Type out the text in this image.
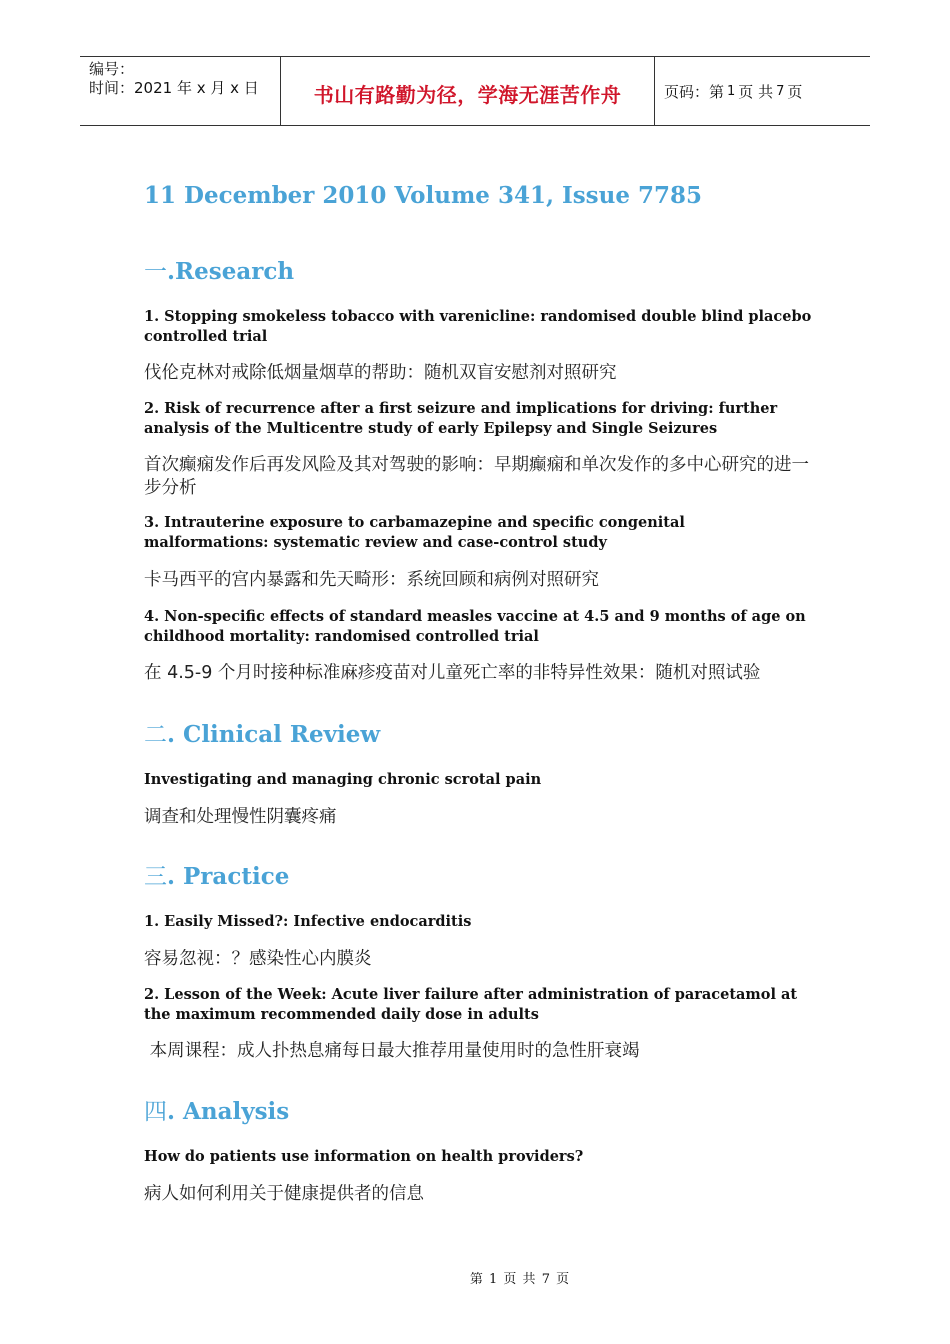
编号：
时间：2021 年 x 月 x 日	书山有路勤为径，学海无涯苦作舟	页码：第 1 页 共 7 页
11 December 2010 Volume 341, Issue 7785
一.Research

1. Stopping smokeless tobacco with varenicline: randomised double blind placebo controlled trial

伐伦克林对戒除低烟量烟草的帮助：随机双盲安慰剂对照研究

2. Risk of recurrence after a first seizure and implications for driving: further analysis of the Multicentre study of early Epilepsy and Single Seizures

首次癫痫发作后再发风险及其对驾驶的影响：早期癫痫和单次发作的多中心研究的进一步分析

3. Intrauterine exposure to carbamazepine and specific congenital malformations: systematic review and case-control study

卡马西平的宫内暴露和先天畸形：系统回顾和病例对照研究

4. Non-specific effects of standard measles vaccine at 4.5 and 9 months of age on childhood mortality: randomised controlled trial

在 4.5-9 个月时接种标准麻疹疫苗对儿童死亡率的非特异性效果：随机对照试验

二. Clinical Review

Investigating and managing chronic scrotal pain

调查和处理慢性阴囊疼痛

三. Practice

1. Easily Missed?: Infective endocarditis

容易忽视：？感染性心内膜炎

2. Lesson of the Week: Acute liver failure after administration of paracetamol at the maximum recommended daily dose in adults

本周课程：成人扑热息痛每日最大推荐用量使用时的急性肝衰竭

四. Analysis

How do patients use information on health providers?

病人如何利用关于健康提供者的信息

第 1 页 共 7 页
